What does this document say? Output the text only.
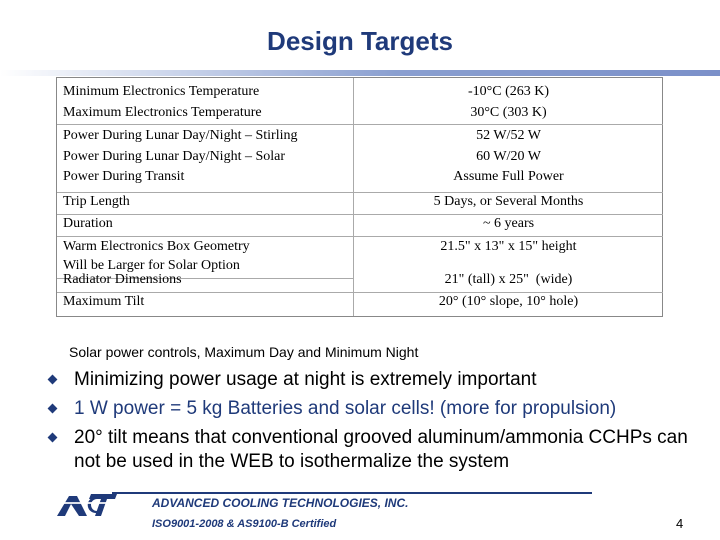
Design Targets
Minimum Electronics Temperature
Maximum Electronics Temperature
Power During Lunar Day/Night – Stirling
Power During Lunar Day/Night – Solar
Power During Transit
Trip Length
Duration
Warm Electronics Box Geometry
Will be Larger for Solar Option
Radiator Dimensions
Maximum Tilt
-10°C (263 K)
30°C (303 K)
52 W/52 W
60 W/20 W
Assume Full Power
5 Days, or Several Months
~ 6 years
21.5" x 13" x 15" height
21" (tall) x 25"  (wide)
20° (10° slope, 10° hole)
Solar power controls, Maximum Day and Minimum Night
Minimizing power usage at night is extremely important
1 W power = 5 kg Batteries and solar cells! (more for propulsion)
20° tilt means that conventional grooved aluminum/ammonia CCHPs can not be used in the WEB to isothermalize the system
ADVANCED COOLING TECHNOLOGIES, INC.
ISO9001-2008 & AS9100-B Certified	4
